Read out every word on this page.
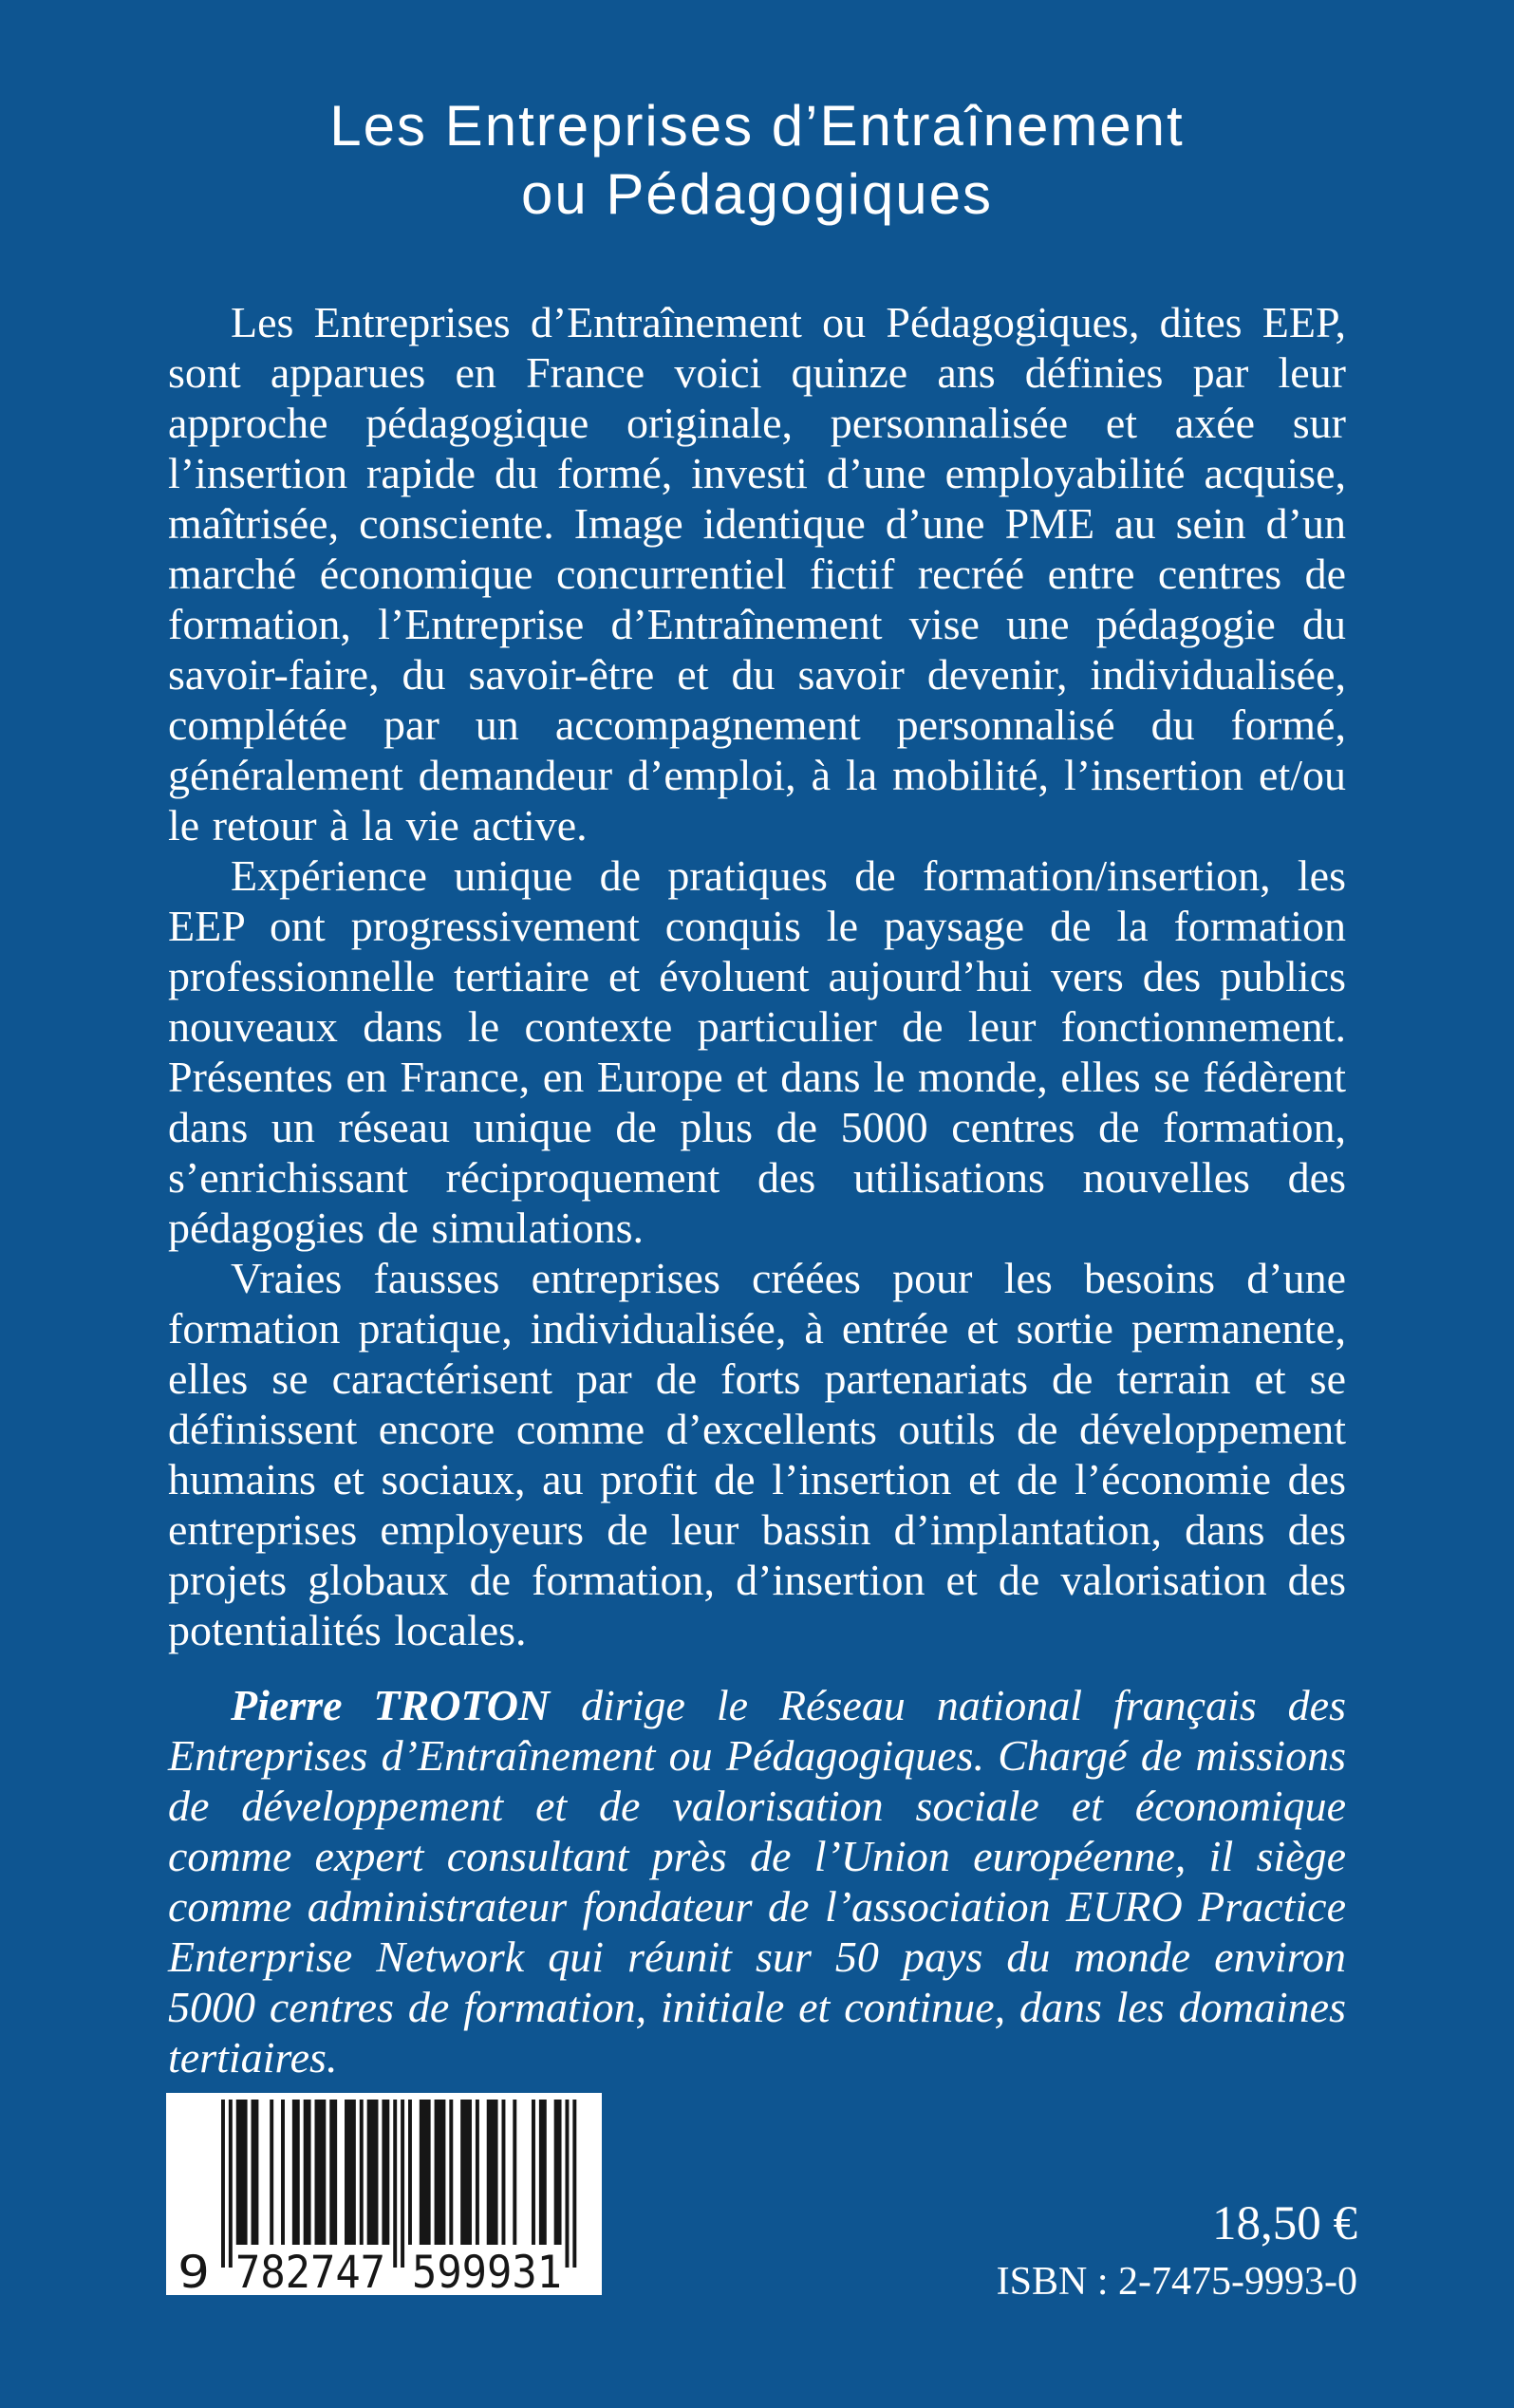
Les Entreprises d’Entraînement
ou Pédagogiques

Les Entreprises d’Entraînement ou Pédagogiques, dites EEP, sont apparues en France voici quinze ans définies par leur approche pédagogique originale, personnalisée et axée sur l’insertion rapide du formé, investi d’une employabilité acquise, maîtrisée, consciente. Image identique d’une PME au sein d’un marché économique concurrentiel fictif recréé entre centres de formation, l’Entreprise d’Entraînement vise une pédagogie du savoir-faire, du savoir-être et du savoir devenir, individualisée, complétée par un accompagnement personnalisé du formé, généralement demandeur d’emploi, à la mobilité, l’insertion et/ou le retour à la vie active.

Expérience unique de pratiques de formation/insertion, les EEP ont progressivement conquis le paysage de la formation professionnelle tertiaire et évoluent aujourd’hui vers des publics nouveaux dans le contexte particulier de leur fonctionnement. Présentes en France, en Europe et dans le monde, elles se fédèrent dans un réseau unique de plus de 5000 centres de formation, s’enrichissant réciproquement des utilisations nouvelles des pédagogies de simulations.

Vraies fausses entreprises créées pour les besoins d’une formation pratique, individualisée, à entrée et sortie permanente, elles se caractérisent par de forts partenariats de terrain et se définissent encore comme d’excellents outils de développement humains et sociaux, au profit de l’insertion et de l’économie des entreprises employeurs de leur bassin d’implantation, dans des projets globaux de formation, d’insertion et de valorisation des potentialités locales.

Pierre TROTON dirige le Réseau national français des Entreprises d’Entraînement ou Pédagogiques. Chargé de missions de développement et de valorisation sociale et économique comme expert consultant près de l’Union européenne, il siège comme administrateur fondateur de l’association EURO Practice Enterprise Network qui réunit sur 50 pays du monde environ 5000 centres de formation, initiale et continue, dans les domaines tertiaires.

9 782747 599931
18,50 €
ISBN : 2-7475-9993-0
